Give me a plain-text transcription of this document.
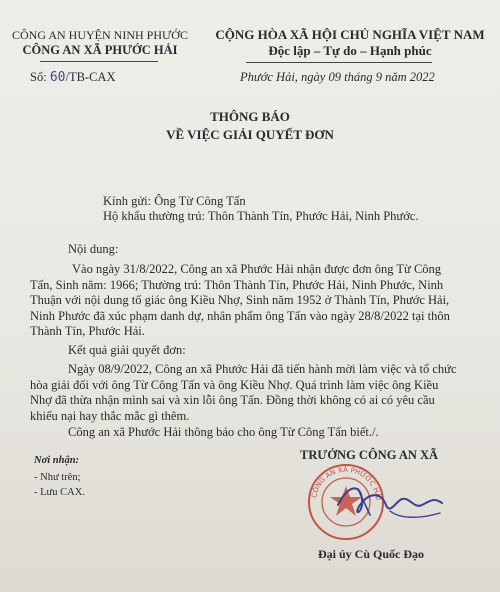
CÔNG AN HUYỆN NINH PHƯỚC
CÔNG AN XÃ PHƯỚC HẢI
CỘNG HÒA XÃ HỘI CHỦ NGHĨA VIỆT NAM
Độc lập – Tự do – Hạnh phúc
Số: 60/TB-CAX	Phước Hải, ngày 09 tháng 9 năm 2022
THÔNG BÁO
VỀ VIỆC GIẢI QUYẾT ĐƠN
Kính gửi: Ông Từ Công Tấn
Hộ khẩu thường trú: Thôn Thành Tín, Phước Hải, Ninh Phước.
Nội dung:
Vào ngày 31/8/2022, Công an xã Phước Hải nhận được đơn ông Từ Công
Tấn, Sinh năm: 1966; Thường trú: Thôn Thành Tín, Phước Hải, Ninh Phước, Ninh
Thuận với nội dung tố giác ông Kiều Nhợ, Sinh năm 1952 ở Thành Tín, Phước Hải,
Ninh Phước đã xúc phạm danh dự, nhân phẩm ông Tấn vào ngày 28/8/2022 tại thôn
Thành Tín, Phước Hải.
Kết quả giải quyết đơn:
Ngày 08/9/2022, Công an xã Phước Hải đã tiến hành mời làm việc và tổ chức
hòa giải đối với ông Từ Công Tấn và ông Kiều Nhợ. Quá trình làm việc ông Kiều
Nhợ đã thừa nhận mình sai và xin lỗi ông Tấn. Đồng thời không có ai có yêu cầu
khiếu nại hay thắc mắc gì thêm.
Công an xã Phước Hải thông báo cho ông Từ Công Tấn biết./.
Nơi nhận:
- Như trên;
- Lưu CAX.
TRƯỞNG CÔNG AN XÃ
CÔNG AN XÃ PHƯỚC HẢI
Đại úy Cù Quốc Đạo
